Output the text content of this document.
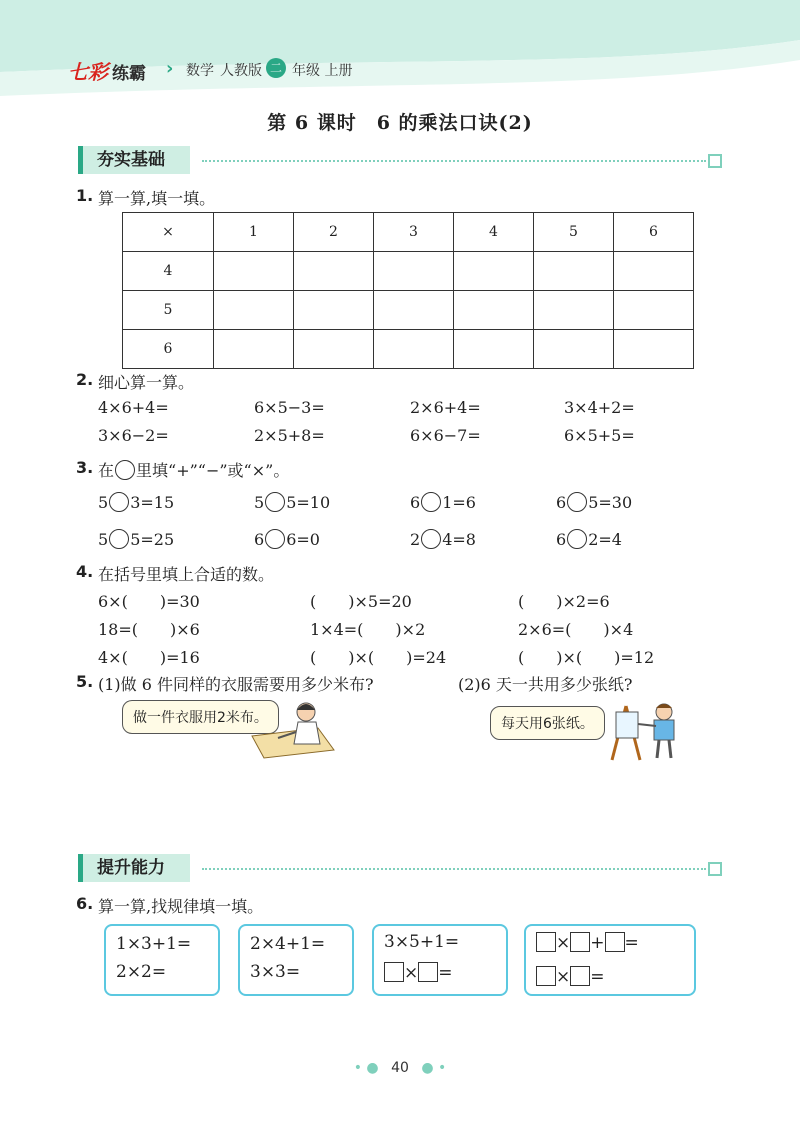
七彩 练霸 › 数学 人教版 二 年级 上册
第 6 课时　6 的乘法口诀(2)
夯实基础
1. 算一算,填一填。
×	1	2	3	4	5	6
4						
5						
6						
2. 细心算一算。
4×6+4=	6×5−3=	2×6+4=	3×4+2=
3×6−2=	2×5+8=	6×6−7=	6×5+5=
3. 在 里填“+”“−”或“×”。
5 3=15	5 5=10	6 1=6	6 5=30
5 5=25	6 6=0	2 4=8	6 2=4
4. 在括号里填上合适的数。
6×(　　)=30	(　　)×5=20	(　　)×2=6
18=(　　)×6	1×4=(　　)×2	2×6=(　　)×4
4×(　　)=16	(　　)×(　　)=24	(　　)×(　　)=12
5. (1)做 6 件同样的衣服需要用多少米布?	(2)6 天一共用多少张纸?
做一件衣服用2米布。	每天用6张纸。
提升能力
6. 算一算,找规律填一填。
1×3+1=
2×2=
2×4+1=
3×3=
3×5+1=
× =
× + =
× =
• ● 40 ● •
